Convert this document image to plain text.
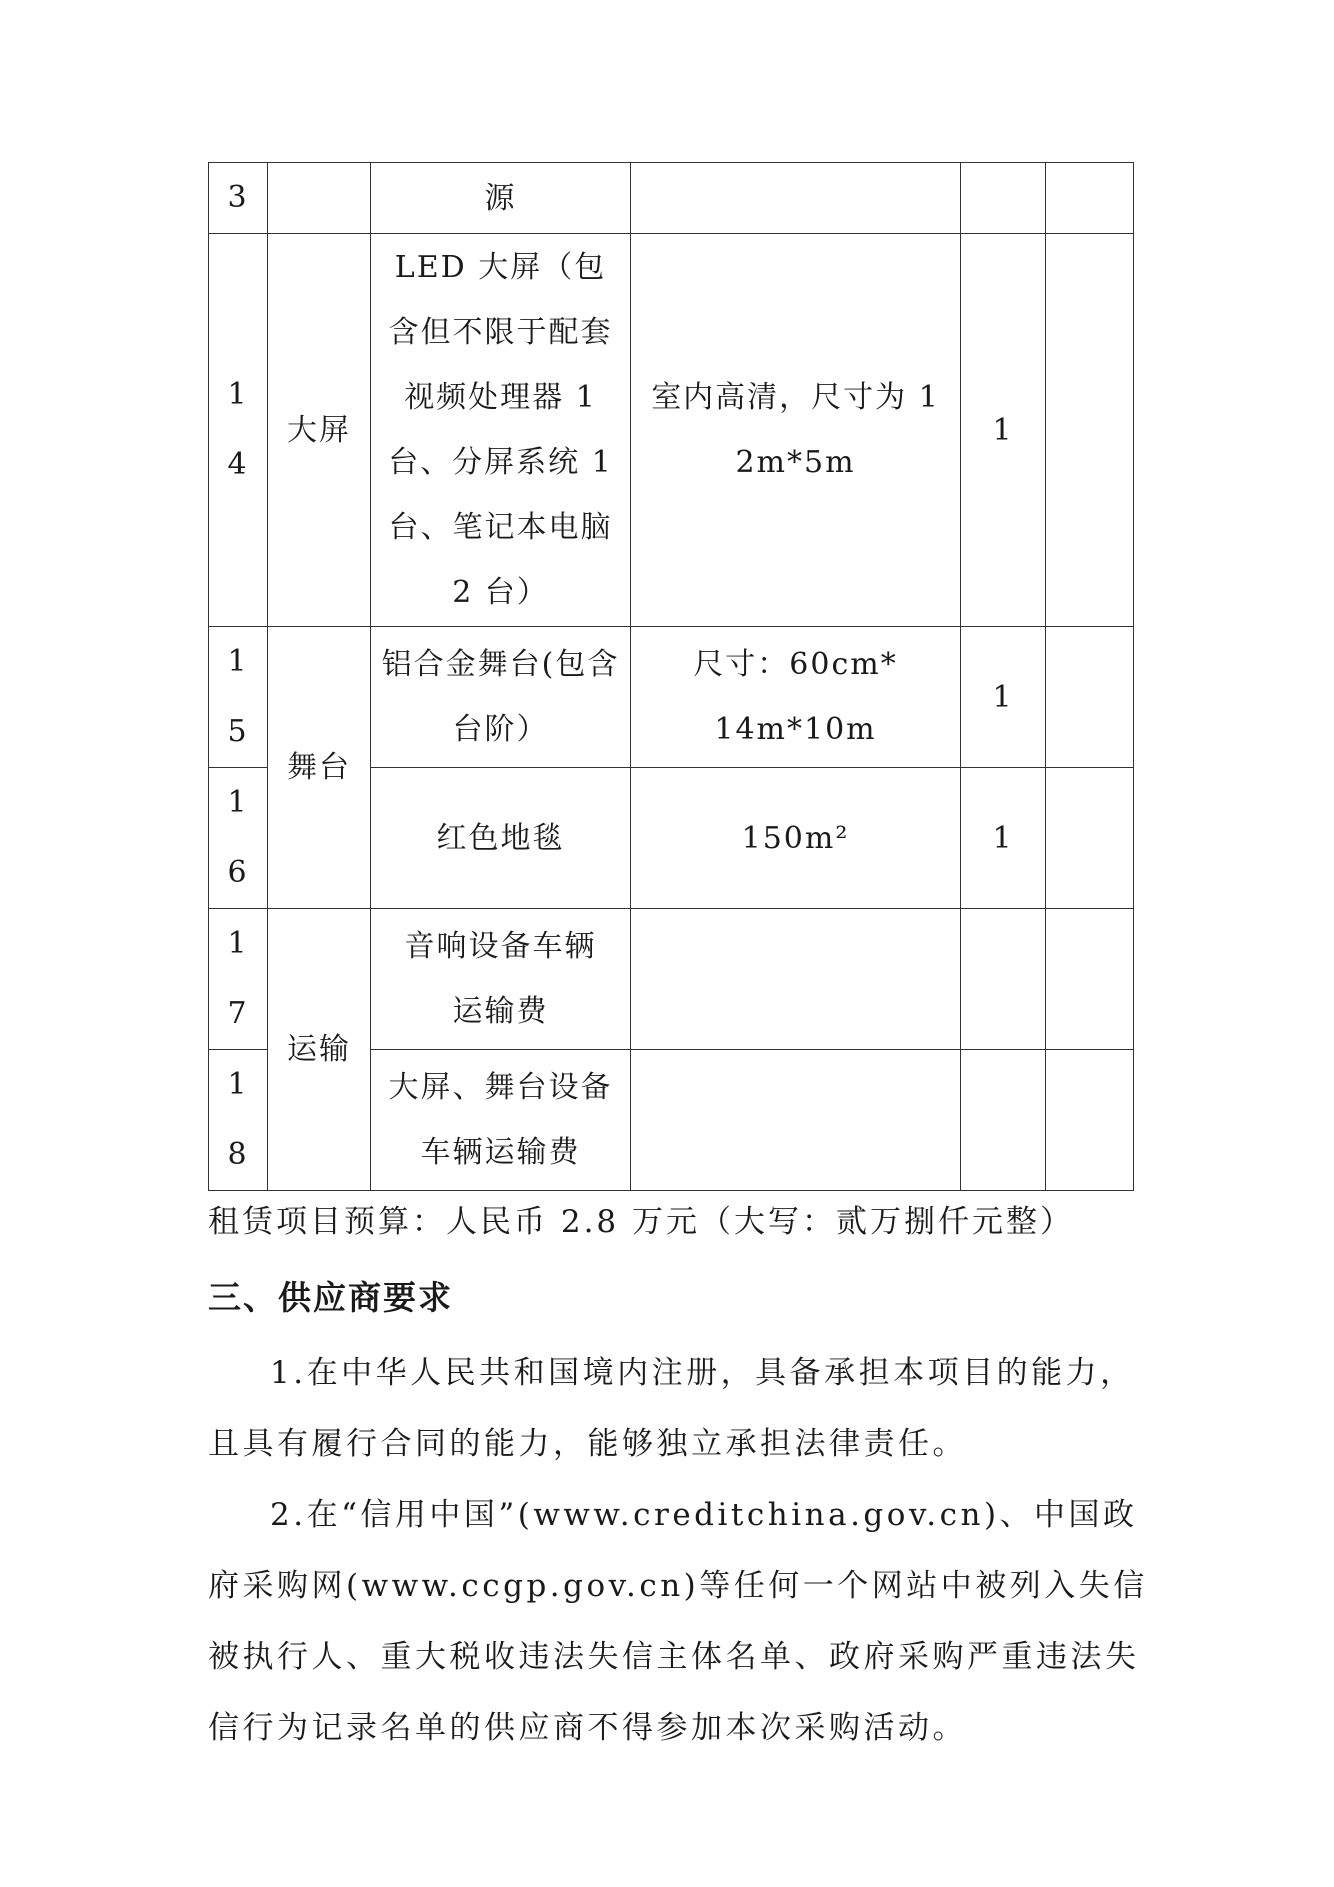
3		源			

1
4	大屏	LED 大屏（包含但不限于配套视频处理器 1 台、分屏系统 1 台、笔记本电脑 2 台）	室内高清，尺寸为 12m*5m	1	

1
5	舞台	铝合金舞台(包含台阶）	尺寸：60cm*14m*10m	1	

1
6		红色地毯	150m²	1	

1
7	运输	音响设备车辆运输费			

1
8		大屏、舞台设备车辆运输费			
租赁项目预算：人民币 2.8 万元（大写：贰万捌仟元整）
三、供应商要求

1.在中华人民共和国境内注册，具备承担本项目的能力，且具有履行合同的能力，能够独立承担法律责任。

2.在“信用中国”(www.creditchina.gov.cn)、中国政府采购网(www.ccgp.gov.cn)等任何一个网站中被列入失信被执行人、重大税收违法失信主体名单、政府采购严重违法失信行为记录名单的供应商不得参加本次采购活动。
